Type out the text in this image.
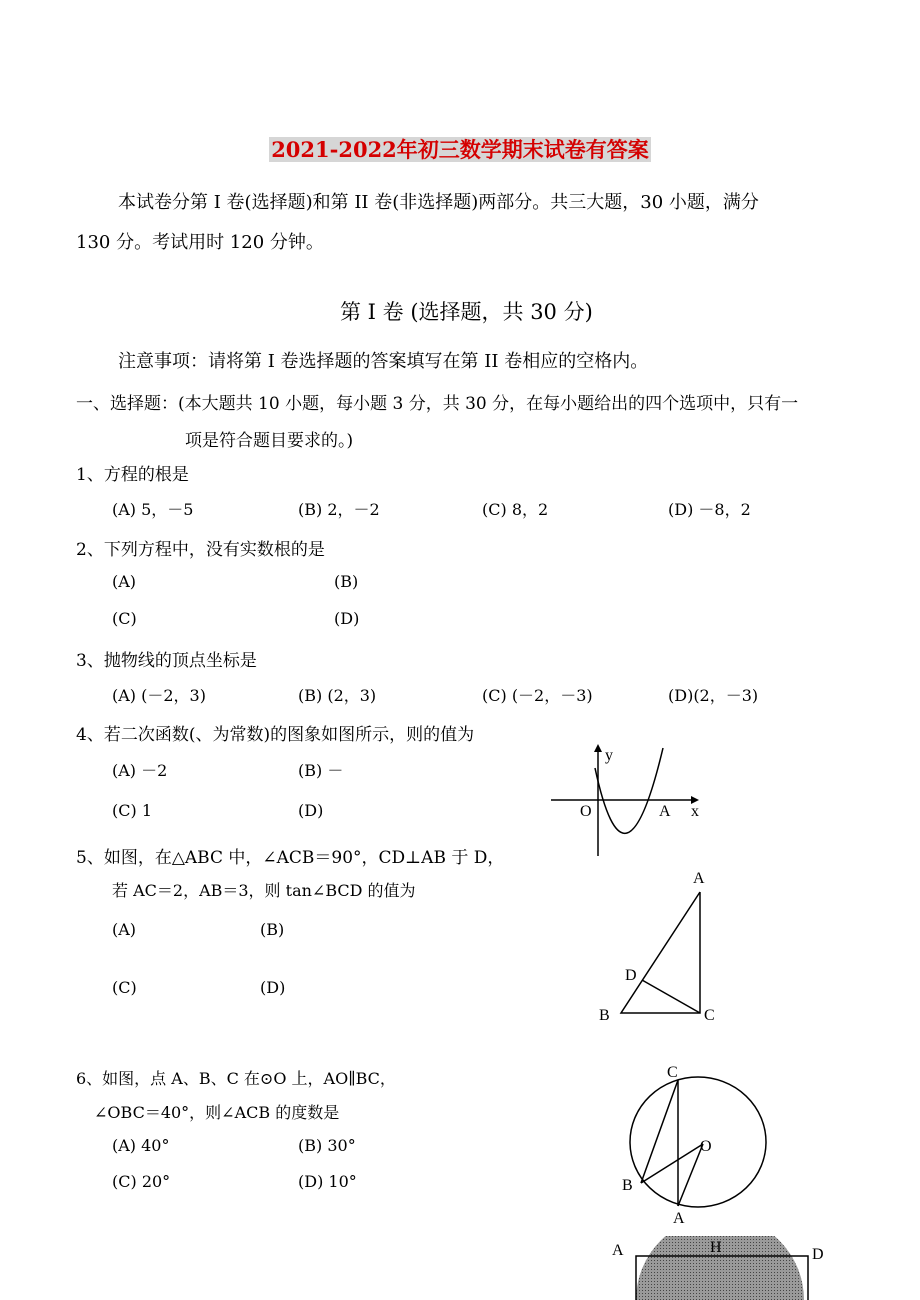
2021-2022年初三数学期末试卷有答案
本试卷分第 I 卷(选择题)和第 II 卷(非选择题)两部分。共三大题，30 小题，满分
130 分。考试用时 120 分钟。
第 I 卷 (选择题，共 30 分)
注意事项：请将第 I 卷选择题的答案填写在第 II 卷相应的空格内。
一、选择题：(本大题共 10 小题，每小题 3 分，共 30 分，在每小题给出的四个选项中，只有一
项是符合题目要求的。)
1、方程的根是
(A) 5，－5	(B) 2，－2	(C) 8，2	(D) －8，2
2、下列方程中，没有实数根的是
(A)	(B)
(C)	(D)
3、抛物线的顶点坐标是
(A) (－2，3)	(B) (2，3)	(C) (－2，－3)	(D)(2，－3)
4、若二次函数(、为常数)的图象如图所示，则的值为
(A) －2	(B) －
(C) 1	(D)
5、如图，在△ABC 中，∠ACB＝90°，CD⊥AB 于 D，
若 AC＝2，AB＝3，则 tan∠BCD 的值为
(A)	(B)
(C)	(D)
6、如图，点 A、B、C 在⊙O 上，AO∥BC，
∠OBC＝40°，则∠ACB 的度数是
(A) 40°	(B) 30°
(C) 20°	(D) 10°
y
x
O	A
A
D
B	C
C
O
B
A
A	H	D
